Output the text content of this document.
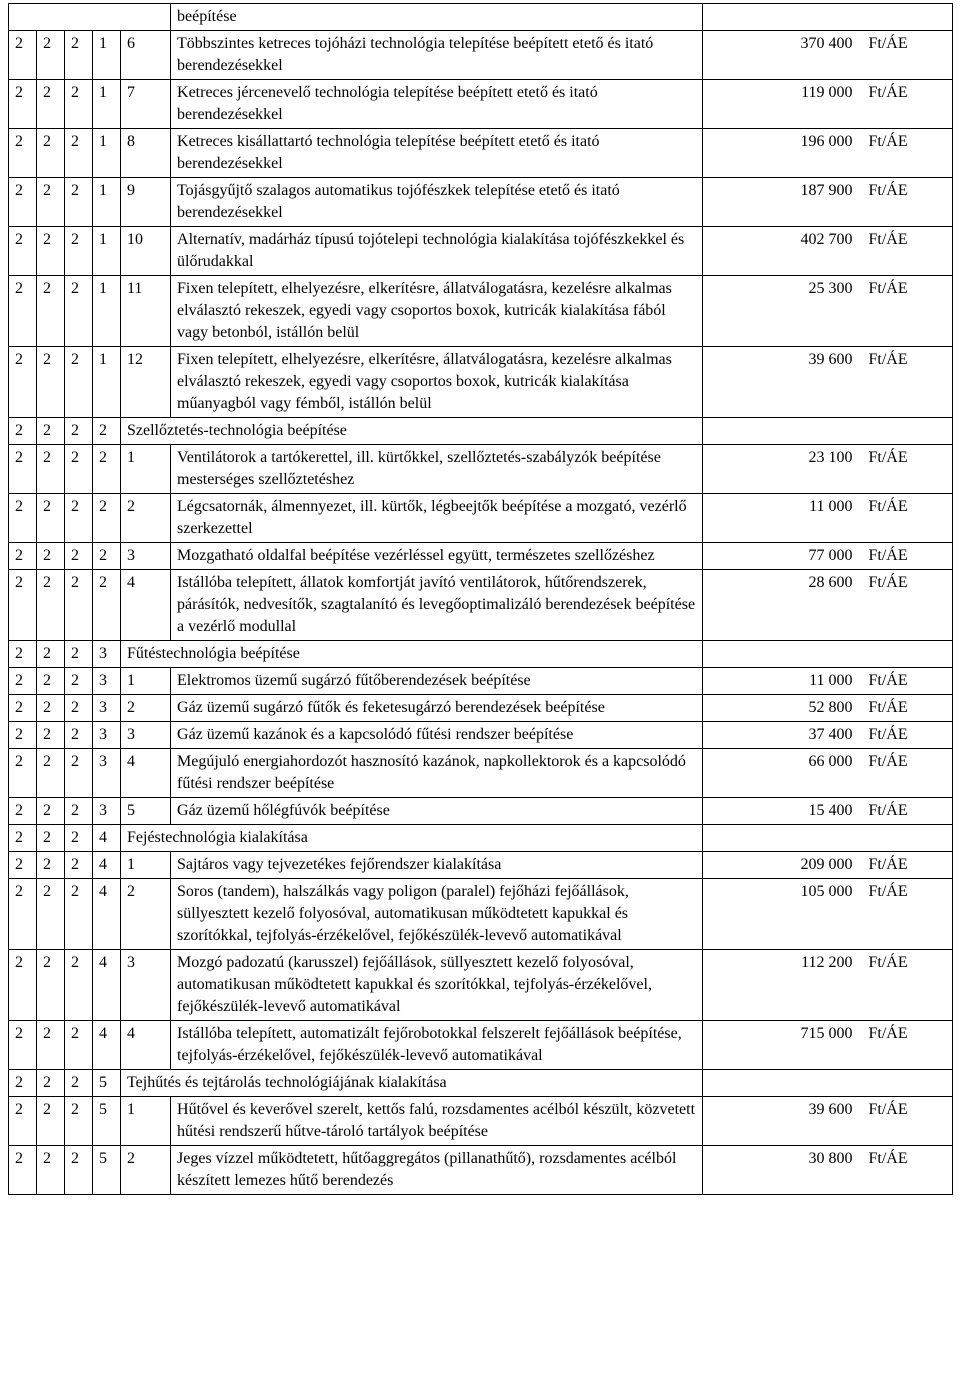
					beépítése		
2	2	2	1	6	Többszintes ketreces tojóházi technológia telepítése beépített etető és itató berendezésekkel	370 400	Ft/ÁE
2	2	2	1	7	Ketreces jércenevelő technológia telepítése beépített etető és itató berendezésekkel	119 000	Ft/ÁE
2	2	2	1	8	Ketreces kisállattartó technológia telepítése beépített etető és itató berendezésekkel	196 000	Ft/ÁE
2	2	2	1	9	Tojásgyűjtő szalagos automatikus tojófészkek telepítése etető és itató berendezésekkel	187 900	Ft/ÁE
2	2	2	1	10	Alternatív, madárház típusú tojótelepi technológia kialakítása tojófészkekkel és ülőrudakkal	402 700	Ft/ÁE
2	2	2	1	11	Fixen telepített, elhelyezésre, elkerítésre, állatválogatásra, kezelésre alkalmas elválasztó rekeszek, egyedi vagy csoportos boxok, kutricák kialakítása fából vagy betonból, istállón belül	25 300	Ft/ÁE
2	2	2	1	12	Fixen telepített, elhelyezésre, elkerítésre, állatválogatásra, kezelésre alkalmas elválasztó rekeszek, egyedi vagy csoportos boxok, kutricák kialakítása műanyagból vagy fémből, istállón belül	39 600	Ft/ÁE
2	2	2	2	Szellőztetés-technológia beépítése			
2	2	2	2	1	Ventilátorok a tartókerettel, ill. kürtőkkel, szellőztetés-szabályzók beépítése mesterséges szellőztetéshez	23 100	Ft/ÁE
2	2	2	2	2	Légcsatornák, álmennyezet, ill. kürtők, légbeejtők beépítése a mozgató, vezérlő szerkezettel	11 000	Ft/ÁE
2	2	2	2	3	Mozgatható oldalfal beépítése vezérléssel együtt, természetes szellőzéshez	77 000	Ft/ÁE
2	2	2	2	4	Istállóba telepített, állatok komfortját javító ventilátorok, hűtőrendszerek, párásítók, nedvesítők, szagtalanító és levegőoptimalizáló berendezések beépítése a vezérlő modullal	28 600	Ft/ÁE
2	2	2	3	Fűtéstechnológia beépítése			
2	2	2	3	1	Elektromos üzemű sugárzó fűtőberendezések beépítése	11 000	Ft/ÁE
2	2	2	3	2	Gáz üzemű sugárzó fűtők és feketesugárzó berendezések beépítése	52 800	Ft/ÁE
2	2	2	3	3	Gáz üzemű kazánok és a kapcsolódó fűtési rendszer beépítése	37 400	Ft/ÁE
2	2	2	3	4	Megújuló energiahordozót hasznosító kazánok, napkollektorok és a kapcsolódó fűtési rendszer beépítése	66 000	Ft/ÁE
2	2	2	3	5	Gáz üzemű hőlégfúvók beépítése	15 400	Ft/ÁE
2	2	2	4	Fejéstechnológia kialakítása			
2	2	2	4	1	Sajtáros vagy tejvezetékes fejőrendszer kialakítása	209 000	Ft/ÁE
2	2	2	4	2	Soros (tandem), halszálkás vagy poligon (paralel) fejőházi fejőállások, süllyesztett kezelő folyosóval, automatikusan működtetett kapukkal és szorítókkal, tejfolyás-érzékelővel, fejőkészülék-levevő automatikával	105 000	Ft/ÁE
2	2	2	4	3	Mozgó padozatú (karusszel) fejőállások, süllyesztett kezelő folyosóval, automatikusan működtetett kapukkal és szorítókkal, tejfolyás-érzékelővel, fejőkészülék-levevő automatikával	112 200	Ft/ÁE
2	2	2	4	4	Istállóba telepített, automatizált fejőrobotokkal felszerelt fejőállások beépítése, tejfolyás-érzékelővel, fejőkészülék-levevő automatikával	715 000	Ft/ÁE
2	2	2	5	Tejhűtés és tejtárolás technológiájának kialakítása			
2	2	2	5	1	Hűtővel és keverővel szerelt, kettős falú, rozsdamentes acélból készült, közvetett hűtési rendszerű hűtve-tároló tartályok beépítése	39 600	Ft/ÁE
2	2	2	5	2	Jeges vízzel működtetett, hűtőaggregátos (pillanathűtő), rozsdamentes acélból készített lemezes hűtő berendezés	30 800	Ft/ÁE
